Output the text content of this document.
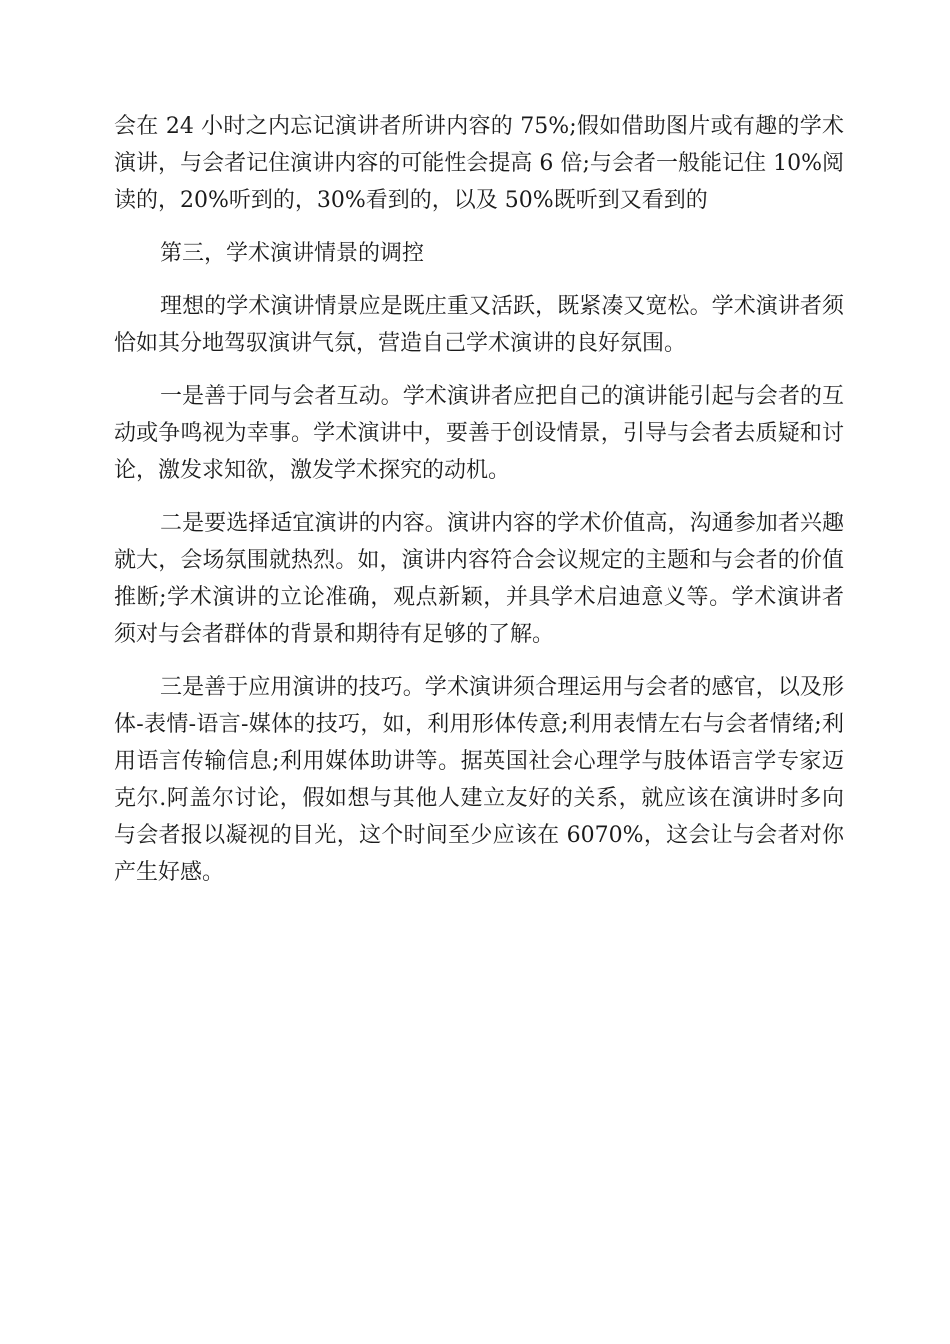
会在 24 小时之内忘记演讲者所讲内容的 75%;假如借助图片或有趣的学术演讲，与会者记住演讲内容的可能性会提高 6 倍;与会者一般能记住 10%阅读的，20%听到的，30%看到的，以及 50%既听到又看到的

第三，学术演讲情景的调控

理想的学术演讲情景应是既庄重又活跃，既紧凑又宽松。学术演讲者须恰如其分地驾驭演讲气氛，营造自己学术演讲的良好氛围。

一是善于同与会者互动。学术演讲者应把自己的演讲能引起与会者的互动或争鸣视为幸事。学术演讲中，要善于创设情景，引导与会者去质疑和讨论，激发求知欲，激发学术探究的动机。

二是要选择适宜演讲的内容。演讲内容的学术价值高，沟通参加者兴趣就大，会场氛围就热烈。如，演讲内容符合会议规定的主题和与会者的价值推断;学术演讲的立论准确，观点新颖，并具学术启迪意义等。学术演讲者须对与会者群体的背景和期待有足够的了解。

三是善于应用演讲的技巧。学术演讲须合理运用与会者的感官，以及形体-表情-语言-媒体的技巧，如，利用形体传意;利用表情左右与会者情绪;利用语言传输信息;利用媒体助讲等。据英国社会心理学与肢体语言学专家迈克尔.阿盖尔讨论，假如想与其他人建立友好的关系，就应该在演讲时多向与会者报以凝视的目光，这个时间至少应该在 6070%，这会让与会者对你产生好感。
